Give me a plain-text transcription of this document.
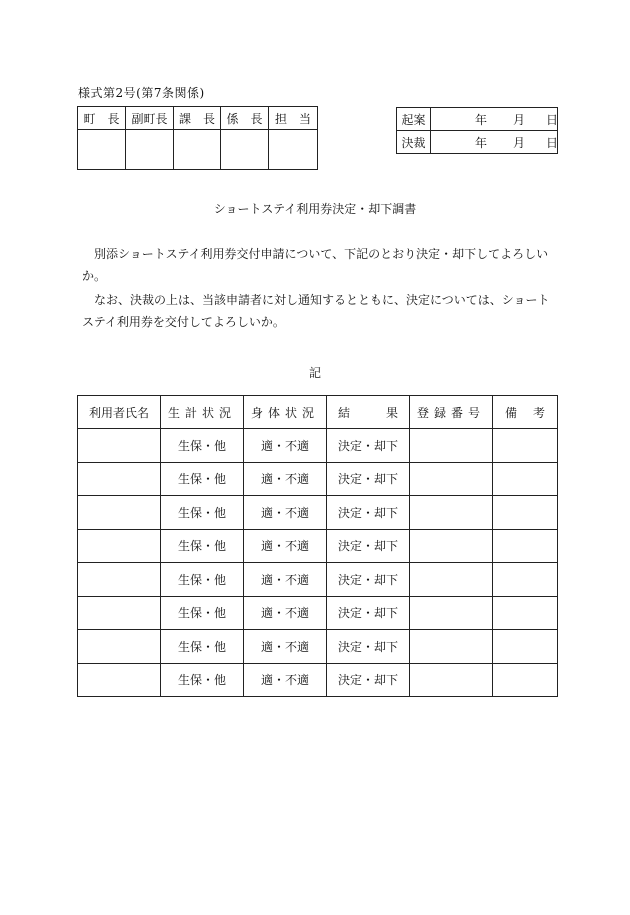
様式第2号(第7条関係)
町　長	副町長	課　長	係　長	担　当
					起案	年 月 日

決裁	年 月 日
ショートステイ利用券決定・却下調書
別添ショートステイ利用券交付申請について、下記のとおり決定・却下してよろしいか。
なお、決裁の上は、当該申請者に対し通知するとともに、決定については、ショートステイ利用券を交付してよろしいか。
記
利用者氏名	生計状況	身体状況	結果	登録番号	備考
	生保・他	適・不適	決定・却下		
	生保・他	適・不適	決定・却下		
	生保・他	適・不適	決定・却下		
	生保・他	適・不適	決定・却下		
	生保・他	適・不適	決定・却下		
	生保・他	適・不適	決定・却下		
	生保・他	適・不適	決定・却下		
	生保・他	適・不適	決定・却下		
